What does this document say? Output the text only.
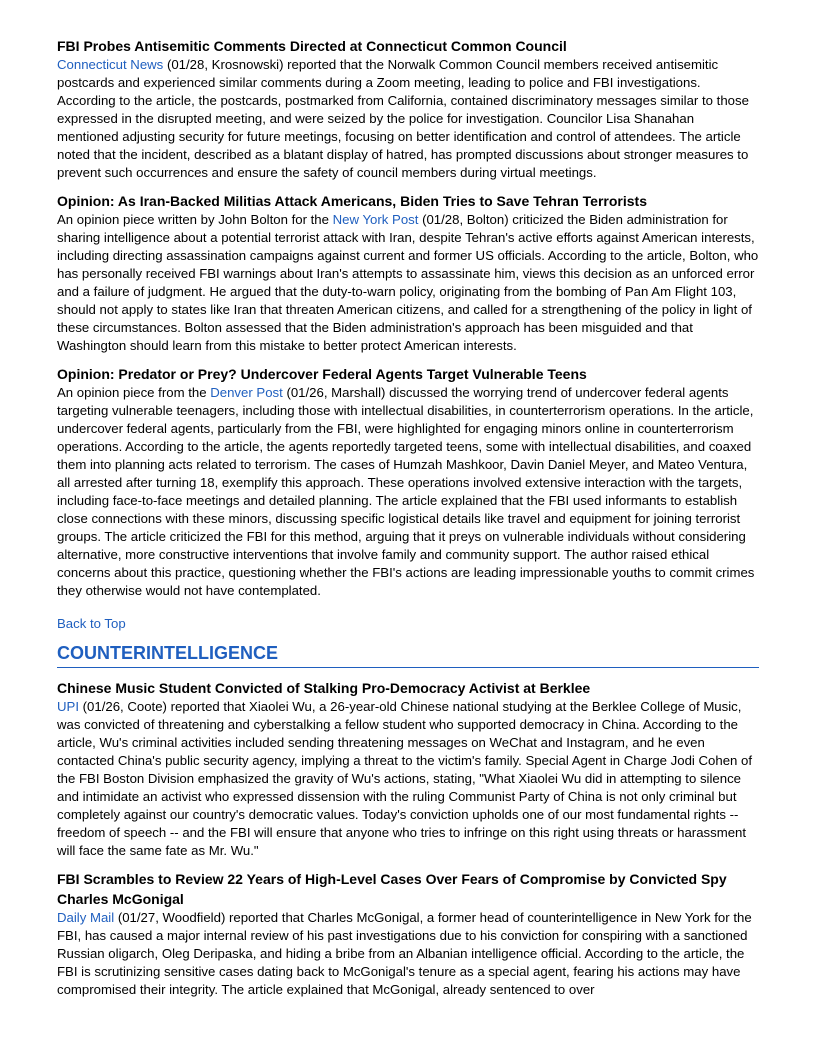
FBI Probes Antisemitic Comments Directed at Connecticut Common Council

Connecticut News (01/28, Krosnowski) reported that the Norwalk Common Council members received antisemitic postcards and experienced similar comments during a Zoom meeting, leading to police and FBI investigations. According to the article, the postcards, postmarked from California, contained discriminatory messages similar to those expressed in the disrupted meeting, and were seized by the police for investigation. Councilor Lisa Shanahan mentioned adjusting security for future meetings, focusing on better identification and control of attendees. The article noted that the incident, described as a blatant display of hatred, has prompted discussions about stronger measures to prevent such occurrences and ensure the safety of council members during virtual meetings.

Opinion: As Iran-Backed Militias Attack Americans, Biden Tries to Save Tehran Terrorists

An opinion piece written by John Bolton for the New York Post (01/28, Bolton) criticized the Biden administration for sharing intelligence about a potential terrorist attack with Iran, despite Tehran's active efforts against American interests, including directing assassination campaigns against current and former US officials. According to the article, Bolton, who has personally received FBI warnings about Iran's attempts to assassinate him, views this decision as an unforced error and a failure of judgment. He argued that the duty-to-warn policy, originating from the bombing of Pan Am Flight 103, should not apply to states like Iran that threaten American citizens, and called for a strengthening of the policy in light of these circumstances. Bolton assessed that the Biden administration's approach has been misguided and that Washington should learn from this mistake to better protect American interests.

Opinion: Predator or Prey? Undercover Federal Agents Target Vulnerable Teens

An opinion piece from the Denver Post (01/26, Marshall) discussed the worrying trend of undercover federal agents targeting vulnerable teenagers, including those with intellectual disabilities, in counterterrorism operations. In the article, undercover federal agents, particularly from the FBI, were highlighted for engaging minors online in counterterrorism operations. According to the article, the agents reportedly targeted teens, some with intellectual disabilities, and coaxed them into planning acts related to terrorism. The cases of Humzah Mashkoor, Davin Daniel Meyer, and Mateo Ventura, all arrested after turning 18, exemplify this approach. These operations involved extensive interaction with the targets, including face-to-face meetings and detailed planning. The article explained that the FBI used informants to establish close connections with these minors, discussing specific logistical details like travel and equipment for joining terrorist groups. The article criticized the FBI for this method, arguing that it preys on vulnerable individuals without considering alternative, more constructive interventions that involve family and community support. The author raised ethical concerns about this practice, questioning whether the FBI's actions are leading impressionable youths to commit crimes they otherwise would not have contemplated.

Back to Top
COUNTERINTELLIGENCE

Chinese Music Student Convicted of Stalking Pro-Democracy Activist at Berklee

UPI (01/26, Coote) reported that Xiaolei Wu, a 26-year-old Chinese national studying at the Berklee College of Music, was convicted of threatening and cyberstalking a fellow student who supported democracy in China. According to the article, Wu's criminal activities included sending threatening messages on WeChat and Instagram, and he even contacted China's public security agency, implying a threat to the victim's family. Special Agent in Charge Jodi Cohen of the FBI Boston Division emphasized the gravity of Wu's actions, stating, "What Xiaolei Wu did in attempting to silence and intimidate an activist who expressed dissension with the ruling Communist Party of China is not only criminal but completely against our country's democratic values. Today's conviction upholds one of our most fundamental rights -- freedom of speech -- and the FBI will ensure that anyone who tries to infringe on this right using threats or harassment will face the same fate as Mr. Wu."

FBI Scrambles to Review 22 Years of High-Level Cases Over Fears of Compromise by Convicted Spy Charles McGonigal

Daily Mail (01/27, Woodfield) reported that Charles McGonigal, a former head of counterintelligence in New York for the FBI, has caused a major internal review of his past investigations due to his conviction for conspiring with a sanctioned Russian oligarch, Oleg Deripaska, and hiding a bribe from an Albanian intelligence official. According to the article, the FBI is scrutinizing sensitive cases dating back to McGonigal's tenure as a special agent, fearing his actions may have compromised their integrity. The article explained that McGonigal, already sentenced to over
